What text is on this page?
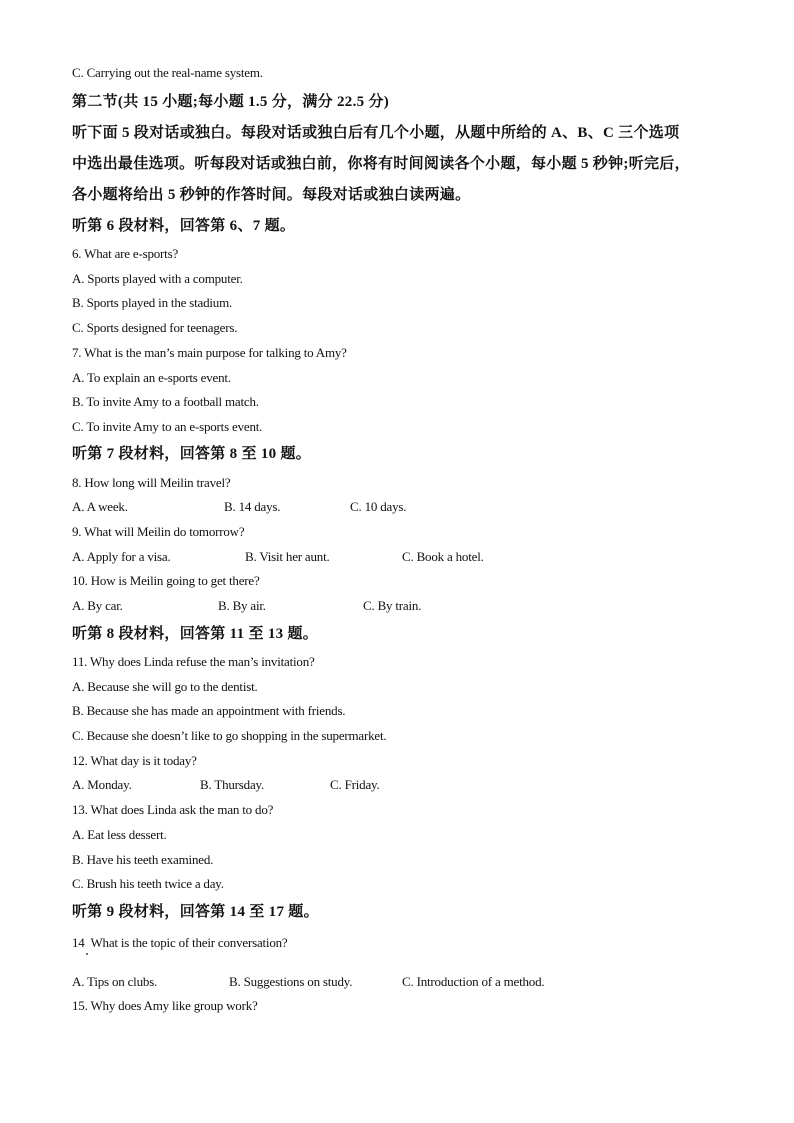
C. Carrying out the real-name system.
第二节(共 15 小题;每小题 1.5 分，满分 22.5 分)
听下面 5 段对话或独白。每段对话或独白后有几个小题，从题中所给的 A、B、C 三个选项
中选出最佳选项。听每段对话或独白前，你将有时间阅读各个小题，每小题 5 秒钟;听完后，
各小题将给出 5 秒钟的作答时间。每段对话或独白读两遍。
听第 6 段材料，回答第 6、7 题。
6. What are e-sports?
A. Sports played with a computer.
B. Sports played in the stadium.
C. Sports designed for teenagers.
7. What is the man’s main purpose for talking to Amy?
A. To explain an e-sports event.
B. To invite Amy to a football match.
C. To invite Amy to an e-sports event.
听第 7 段材料，回答第 8 至 10 题。
8. How long will Meilin travel?
A. A week.	B. 14 days.	C. 10 days.
9. What will Meilin do tomorrow?
A. Apply for a visa.	B. Visit her aunt.	C. Book a hotel.
10. How is Meilin going to get there?
A. By car.	B. By air.	C. By train.
听第 8 段材料，回答第 11 至 13 题。
11. Why does Linda refuse the man’s invitation?
A. Because she will go to the dentist.
B. Because she has made an appointment with friends.
C. Because she doesn’t like to go shopping in the supermarket.
12. What day is it today?
A. Monday.	B. Thursday.	C. Friday.
13. What does Linda ask the man to do?
A. Eat less dessert.
B. Have his teeth examined.
C. Brush his teeth twice a day.
听第 9 段材料，回答第 14 至 17 题。
14  What is the topic of their conversation?
A. Tips on clubs.	B. Suggestions on study.	C. Introduction of a method.
15. Why does Amy like group work?
